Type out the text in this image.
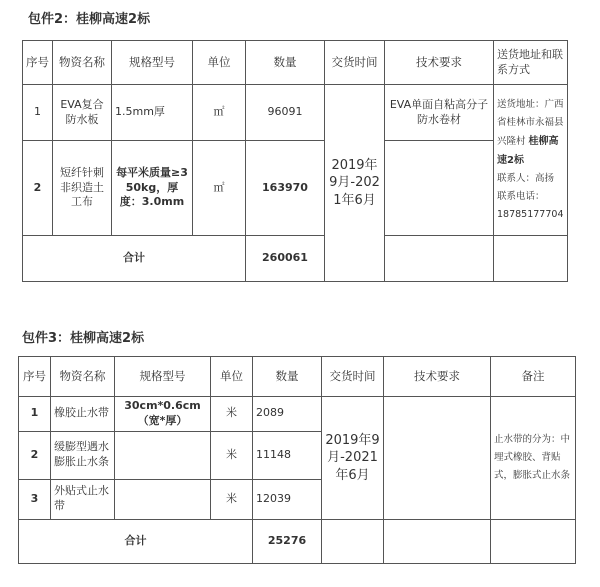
包件2：桂柳高速2标
序号	物资名称	规格型号	单位	数量	交货时间	技术要求	送货地址和联系方式
1	EVA复合防水板	1.5mm厚	㎡	96091	2019年9月-2021年6月	EVA单面自粘高分子防水卷材	送货地址：广西省桂林市永福县兴隆村 桂柳高速2标
联系人：高扬
联系电话：
18785177704
2	短纤针刺非织造土工布	每平米质量≥350kg，厚度：3.0mm	㎡	163970			
合计				260061			
包件3：桂柳高速2标
序号	物资名称	规格型号	单位	数量	交货时间	技术要求	备注
1	橡胶止水带	30cm*0.6cm（宽*厚）	米	2089	2019年9月-2021年6月		止水带的分为：中埋式橡胶、背贴式，膨胀式止水条
2	缓膨型遇水膨胀止水条		米	11148			
3	外贴式止水带		米	12039			
合计				25276			
